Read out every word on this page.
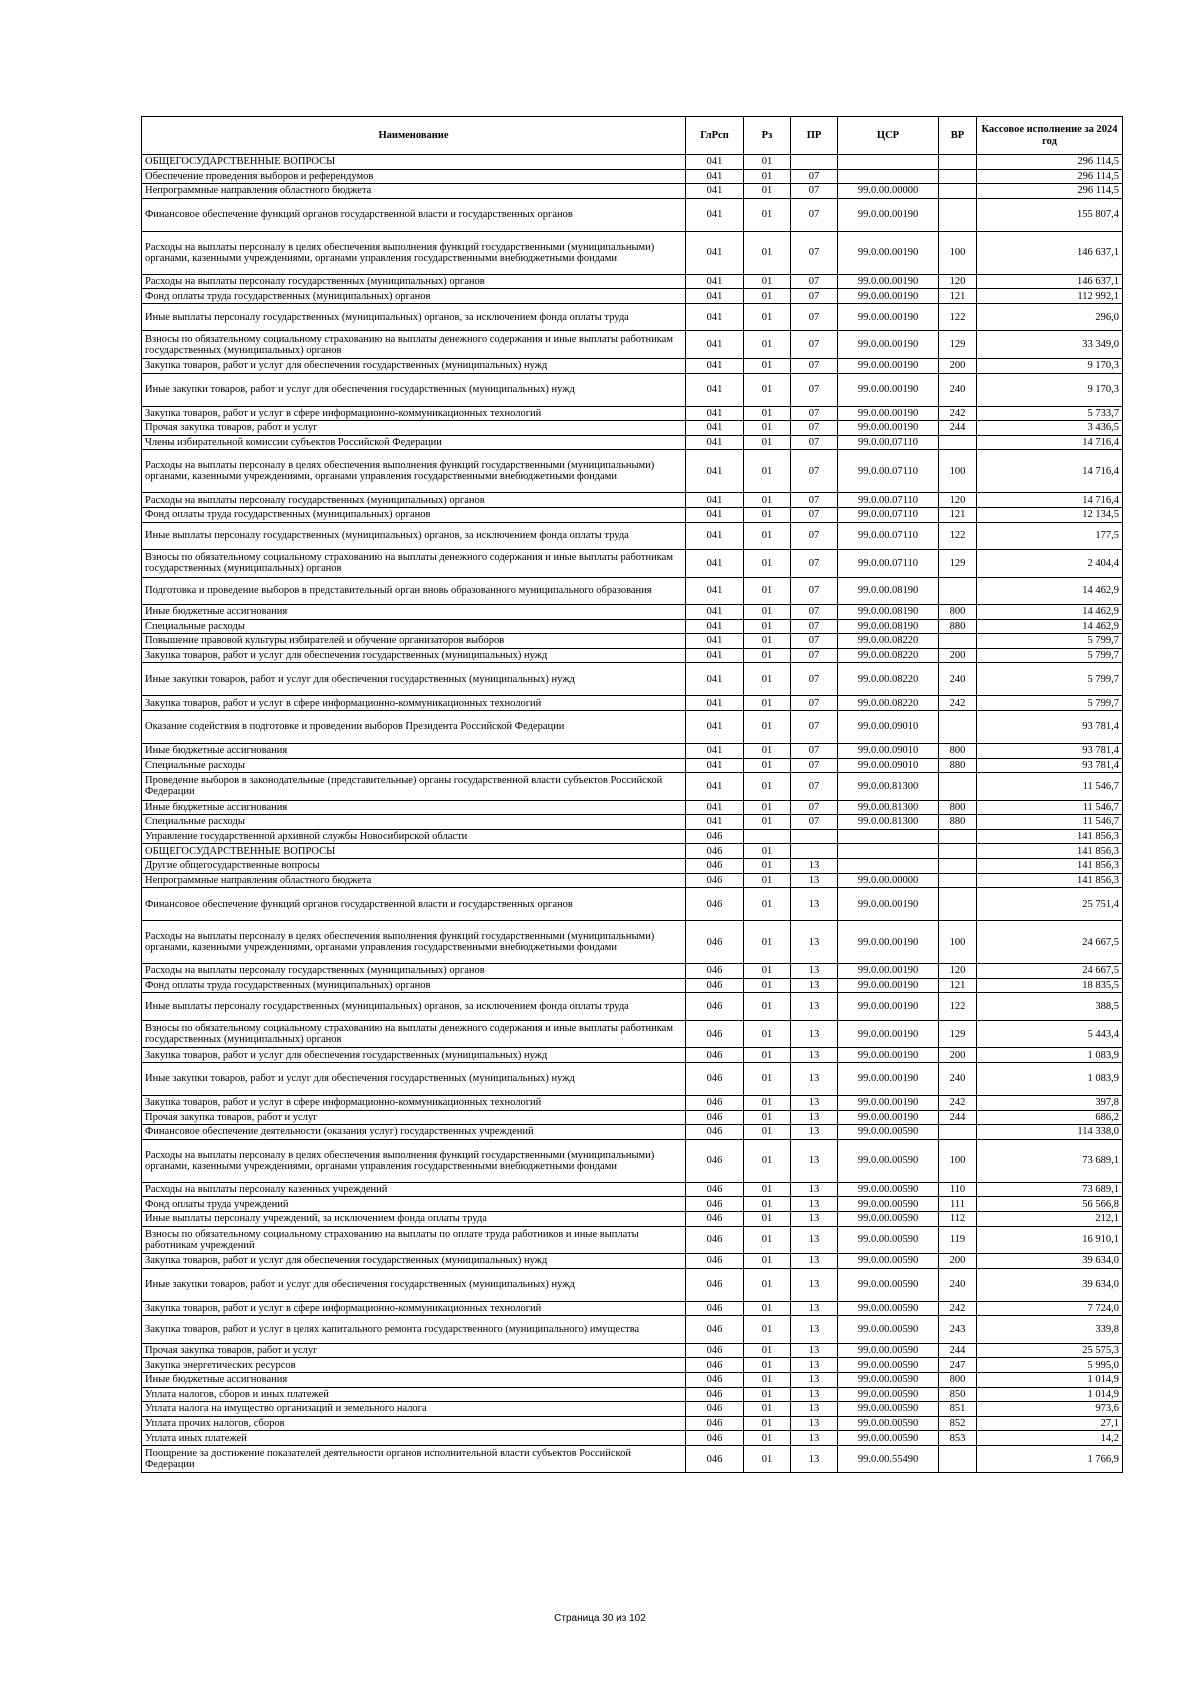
Наименование	ГлРсп	Рз	ПР	ЦСР	ВР	Кассовое исполнение за 2024 год
ОБЩЕГОСУДАРСТВЕННЫЕ ВОПРОСЫ	041	01				296 114,5
Обеспечение проведения выборов и референдумов	041	01	07			296 114,5
Непрограммные направления областного бюджета	041	01	07	99.0.00.00000		296 114,5
Финансовое обеспечение функций органов государственной власти и государственных органов	041	01	07	99.0.00.00190		155 807,4
Расходы на выплаты персоналу в целях обеспечения выполнения функций государственными (муниципальными) органами, казенными учреждениями, органами управления государственными внебюджетными фондами	041	01	07	99.0.00.00190	100	146 637,1
Расходы на выплаты персоналу государственных (муниципальных) органов	041	01	07	99.0.00.00190	120	146 637,1
Фонд оплаты труда государственных (муниципальных) органов	041	01	07	99.0.00.00190	121	112 992,1
Иные выплаты персоналу государственных (муниципальных) органов, за исключением фонда оплаты труда	041	01	07	99.0.00.00190	122	296,0
Взносы по обязательному социальному страхованию на выплаты денежного содержания и иные выплаты работникам государственных (муниципальных) органов	041	01	07	99.0.00.00190	129	33 349,0
Закупка товаров, работ и услуг для обеспечения государственных (муниципальных) нужд	041	01	07	99.0.00.00190	200	9 170,3
Иные закупки товаров, работ и услуг для обеспечения государственных (муниципальных) нужд	041	01	07	99.0.00.00190	240	9 170,3
Закупка товаров, работ и услуг в сфере информационно-коммуникационных технологий	041	01	07	99.0.00.00190	242	5 733,7
Прочая закупка товаров, работ и услуг	041	01	07	99.0.00.00190	244	3 436,5
Члены избирательной комиссии субъектов Российской Федерации	041	01	07	99.0.00.07110		14 716,4
Расходы на выплаты персоналу в целях обеспечения выполнения функций государственными (муниципальными) органами, казенными учреждениями, органами управления государственными внебюджетными фондами	041	01	07	99.0.00.07110	100	14 716,4
Расходы на выплаты персоналу государственных (муниципальных) органов	041	01	07	99.0.00.07110	120	14 716,4
Фонд оплаты труда государственных (муниципальных) органов	041	01	07	99.0.00.07110	121	12 134,5
Иные выплаты персоналу государственных (муниципальных) органов, за исключением фонда оплаты труда	041	01	07	99.0.00.07110	122	177,5
Взносы по обязательному социальному страхованию на выплаты денежного содержания и иные выплаты работникам государственных (муниципальных) органов	041	01	07	99.0.00.07110	129	2 404,4
Подготовка и проведение выборов в представительный орган вновь образованного муниципального образования	041	01	07	99.0.00.08190		14 462,9
Иные бюджетные ассигнования	041	01	07	99.0.00.08190	800	14 462,9
Специальные расходы	041	01	07	99.0.00.08190	880	14 462,9
Повышение правовой культуры избирателей и обучение организаторов выборов	041	01	07	99.0.00.08220		5 799,7
Закупка товаров, работ и услуг для обеспечения государственных (муниципальных) нужд	041	01	07	99.0.00.08220	200	5 799,7
Иные закупки товаров, работ и услуг для обеспечения государственных (муниципальных) нужд	041	01	07	99.0.00.08220	240	5 799,7
Закупка товаров, работ и услуг в сфере информационно-коммуникационных технологий	041	01	07	99.0.00.08220	242	5 799,7
Оказание содействия в подготовке и проведении выборов Президента Российской Федерации	041	01	07	99.0.00.09010		93 781,4
Иные бюджетные ассигнования	041	01	07	99.0.00.09010	800	93 781,4
Специальные расходы	041	01	07	99.0.00.09010	880	93 781,4
Проведение выборов в законодательные (представительные) органы государственной власти субъектов Российской Федерации	041	01	07	99.0.00.81300		11 546,7
Иные бюджетные ассигнования	041	01	07	99.0.00.81300	800	11 546,7
Специальные расходы	041	01	07	99.0.00.81300	880	11 546,7
Управление государственной архивной службы Новосибирской области	046					141 856,3
ОБЩЕГОСУДАРСТВЕННЫЕ ВОПРОСЫ	046	01				141 856,3
Другие общегосударственные вопросы	046	01	13			141 856,3
Непрограммные направления областного бюджета	046	01	13	99.0.00.00000		141 856,3
Финансовое обеспечение функций органов государственной власти и государственных органов	046	01	13	99.0.00.00190		25 751,4
Расходы на выплаты персоналу в целях обеспечения выполнения функций государственными (муниципальными) органами, казенными учреждениями, органами управления государственными внебюджетными фондами	046	01	13	99.0.00.00190	100	24 667,5
Расходы на выплаты персоналу государственных (муниципальных) органов	046	01	13	99.0.00.00190	120	24 667,5
Фонд оплаты труда государственных (муниципальных) органов	046	01	13	99.0.00.00190	121	18 835,5
Иные выплаты персоналу государственных (муниципальных) органов, за исключением фонда оплаты труда	046	01	13	99.0.00.00190	122	388,5
Взносы по обязательному социальному страхованию на выплаты денежного содержания и иные выплаты работникам государственных (муниципальных) органов	046	01	13	99.0.00.00190	129	5 443,4
Закупка товаров, работ и услуг для обеспечения государственных (муниципальных) нужд	046	01	13	99.0.00.00190	200	1 083,9
Иные закупки товаров, работ и услуг для обеспечения государственных (муниципальных) нужд	046	01	13	99.0.00.00190	240	1 083,9
Закупка товаров, работ и услуг в сфере информационно-коммуникационных технологий	046	01	13	99.0.00.00190	242	397,8
Прочая закупка товаров, работ и услуг	046	01	13	99.0.00.00190	244	686,2
Финансовое обеспечение деятельности (оказания услуг) государственных учреждений	046	01	13	99.0.00.00590		114 338,0
Расходы на выплаты персоналу в целях обеспечения выполнения функций государственными (муниципальными) органами, казенными учреждениями, органами управления государственными внебюджетными фондами	046	01	13	99.0.00.00590	100	73 689,1
Расходы на выплаты персоналу казенных учреждений	046	01	13	99.0.00.00590	110	73 689,1
Фонд оплаты труда учреждений	046	01	13	99.0.00.00590	111	56 566,8
Иные выплаты персоналу учреждений, за исключением фонда оплаты труда	046	01	13	99.0.00.00590	112	212,1
Взносы по обязательному социальному страхованию на выплаты по оплате труда работников и иные выплаты работникам учреждений	046	01	13	99.0.00.00590	119	16 910,1
Закупка товаров, работ и услуг для обеспечения государственных (муниципальных) нужд	046	01	13	99.0.00.00590	200	39 634,0
Иные закупки товаров, работ и услуг для обеспечения государственных (муниципальных) нужд	046	01	13	99.0.00.00590	240	39 634,0
Закупка товаров, работ и услуг в сфере информационно-коммуникационных технологий	046	01	13	99.0.00.00590	242	7 724,0
Закупка товаров, работ и услуг в целях капитального ремонта государственного (муниципального) имущества	046	01	13	99.0.00.00590	243	339,8
Прочая закупка товаров, работ и услуг	046	01	13	99.0.00.00590	244	25 575,3
Закупка энергетических ресурсов	046	01	13	99.0.00.00590	247	5 995,0
Иные бюджетные ассигнования	046	01	13	99.0.00.00590	800	1 014,9
Уплата налогов, сборов и иных платежей	046	01	13	99.0.00.00590	850	1 014,9
Уплата налога на имущество организаций и земельного налога	046	01	13	99.0.00.00590	851	973,6
Уплата прочих налогов, сборов	046	01	13	99.0.00.00590	852	27,1
Уплата иных платежей	046	01	13	99.0.00.00590	853	14,2
Поощрение за достижение показателей деятельности органов исполнительной власти субъектов Российской Федерации	046	01	13	99.0.00.55490		1 766,9
Страница 30 из 102
